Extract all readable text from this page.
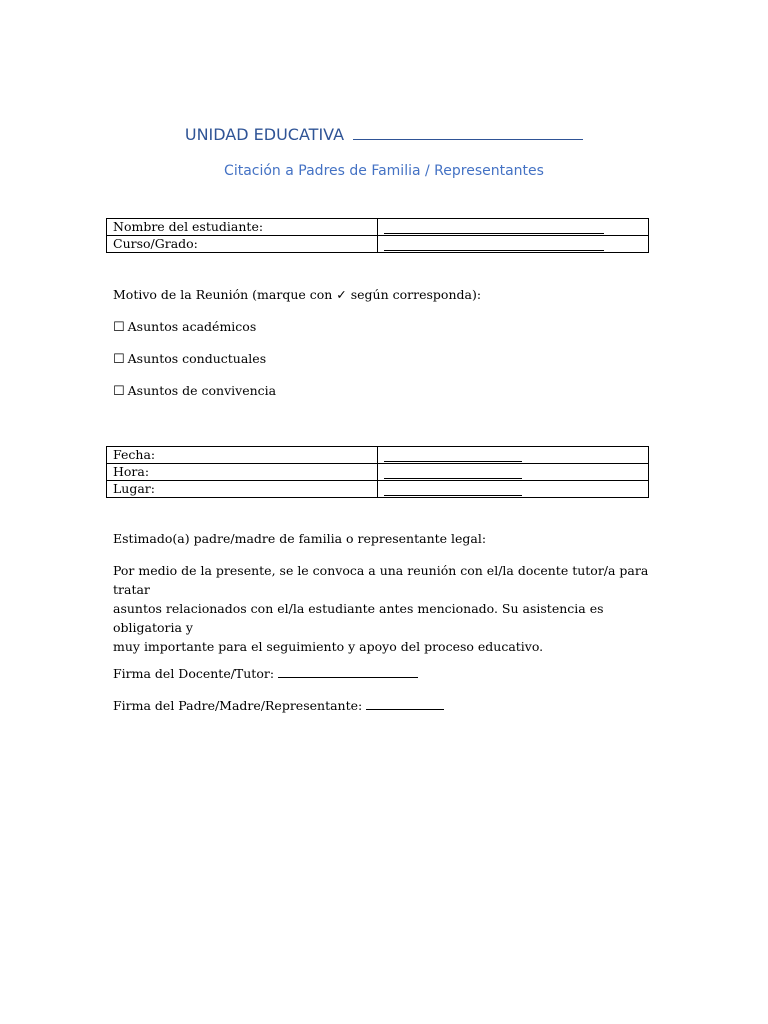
UNIDAD EDUCATIVA
Citación a Padres de Familia / Representantes
Nombre del estudiante:	
Curso/Grado:	
Motivo de la Reunión (marque con ✓ según corresponda):
☐ Asuntos académicos
☐ Asuntos conductuales
☐ Asuntos de convivencia
Fecha:	
Hora:	
Lugar:	
Estimado(a) padre/madre de familia o representante legal:
Por medio de la presente, se le convoca a una reunión con el/la docente tutor/a para tratar
asuntos relacionados con el/la estudiante antes mencionado. Su asistencia es obligatoria y
muy importante para el seguimiento y apoyo del proceso educativo.
Firma del Docente/Tutor:
Firma del Padre/Madre/Representante:
